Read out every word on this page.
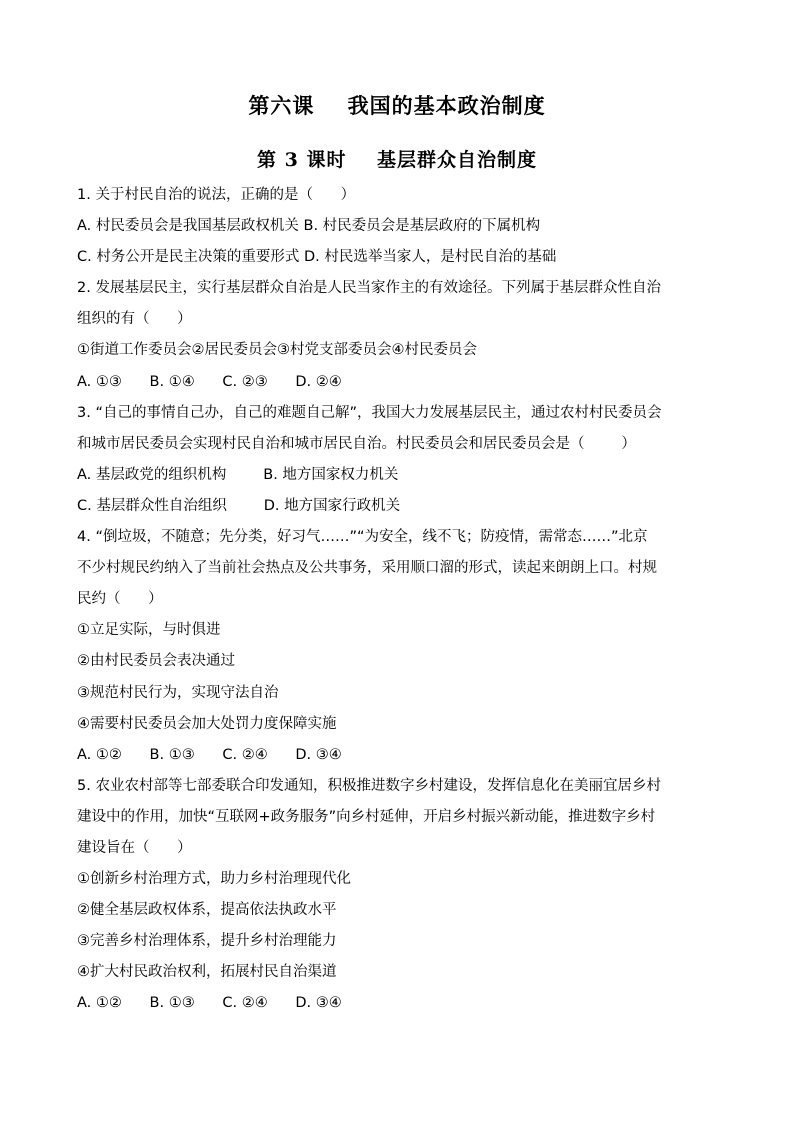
第六课    我国的基本政治制度
第 3 课时    基层群众自治制度
1. 关于村民自治的说法，正确的是（      ）
A. 村民委员会是我国基层政权机关 B. 村民委员会是基层政府的下属机构
C. 村务公开是民主决策的重要形式 D. 村民选举当家人，是村民自治的基础
2. 发展基层民主，实行基层群众自治是人民当家作主的有效途径。下列属于基层群众性自治
组织的有（      ）
①街道工作委员会②居民委员会③村党支部委员会④村民委员会
A. ①③      B. ①④      C. ②③      D. ②④
3. “自己的事情自己办，自己的难题自己解”，我国大力发展基层民主，通过农村村民委员会
和城市居民委员会实现村民自治和城市居民自治。村民委员会和居民委员会是（        ）
A. 基层政党的组织机构        B. 地方国家权力机关
C. 基层群众性自治组织        D. 地方国家行政机关
4. “倒垃圾，不随意；先分类，好习气……”“为安全，线不飞；防疫情，需常态……”北京
不少村规民约纳入了当前社会热点及公共事务，采用顺口溜的形式，读起来朗朗上口。村规
民约（      ）
①立足实际，与时俱进
②由村民委员会表决通过
③规范村民行为，实现守法自治
④需要村民委员会加大处罚力度保障实施
A. ①②      B. ①③      C. ②④      D. ③④
5. 农业农村部等七部委联合印发通知，积极推进数字乡村建设，发挥信息化在美丽宜居乡村
建设中的作用，加快“互联网+政务服务”向乡村延伸，开启乡村振兴新动能，推进数字乡村
建设旨在（      ）
①创新乡村治理方式，助力乡村治理现代化
②健全基层政权体系，提高依法执政水平
③完善乡村治理体系，提升乡村治理能力
④扩大村民政治权利，拓展村民自治渠道
A. ①②      B. ①③      C. ②④      D. ③④
